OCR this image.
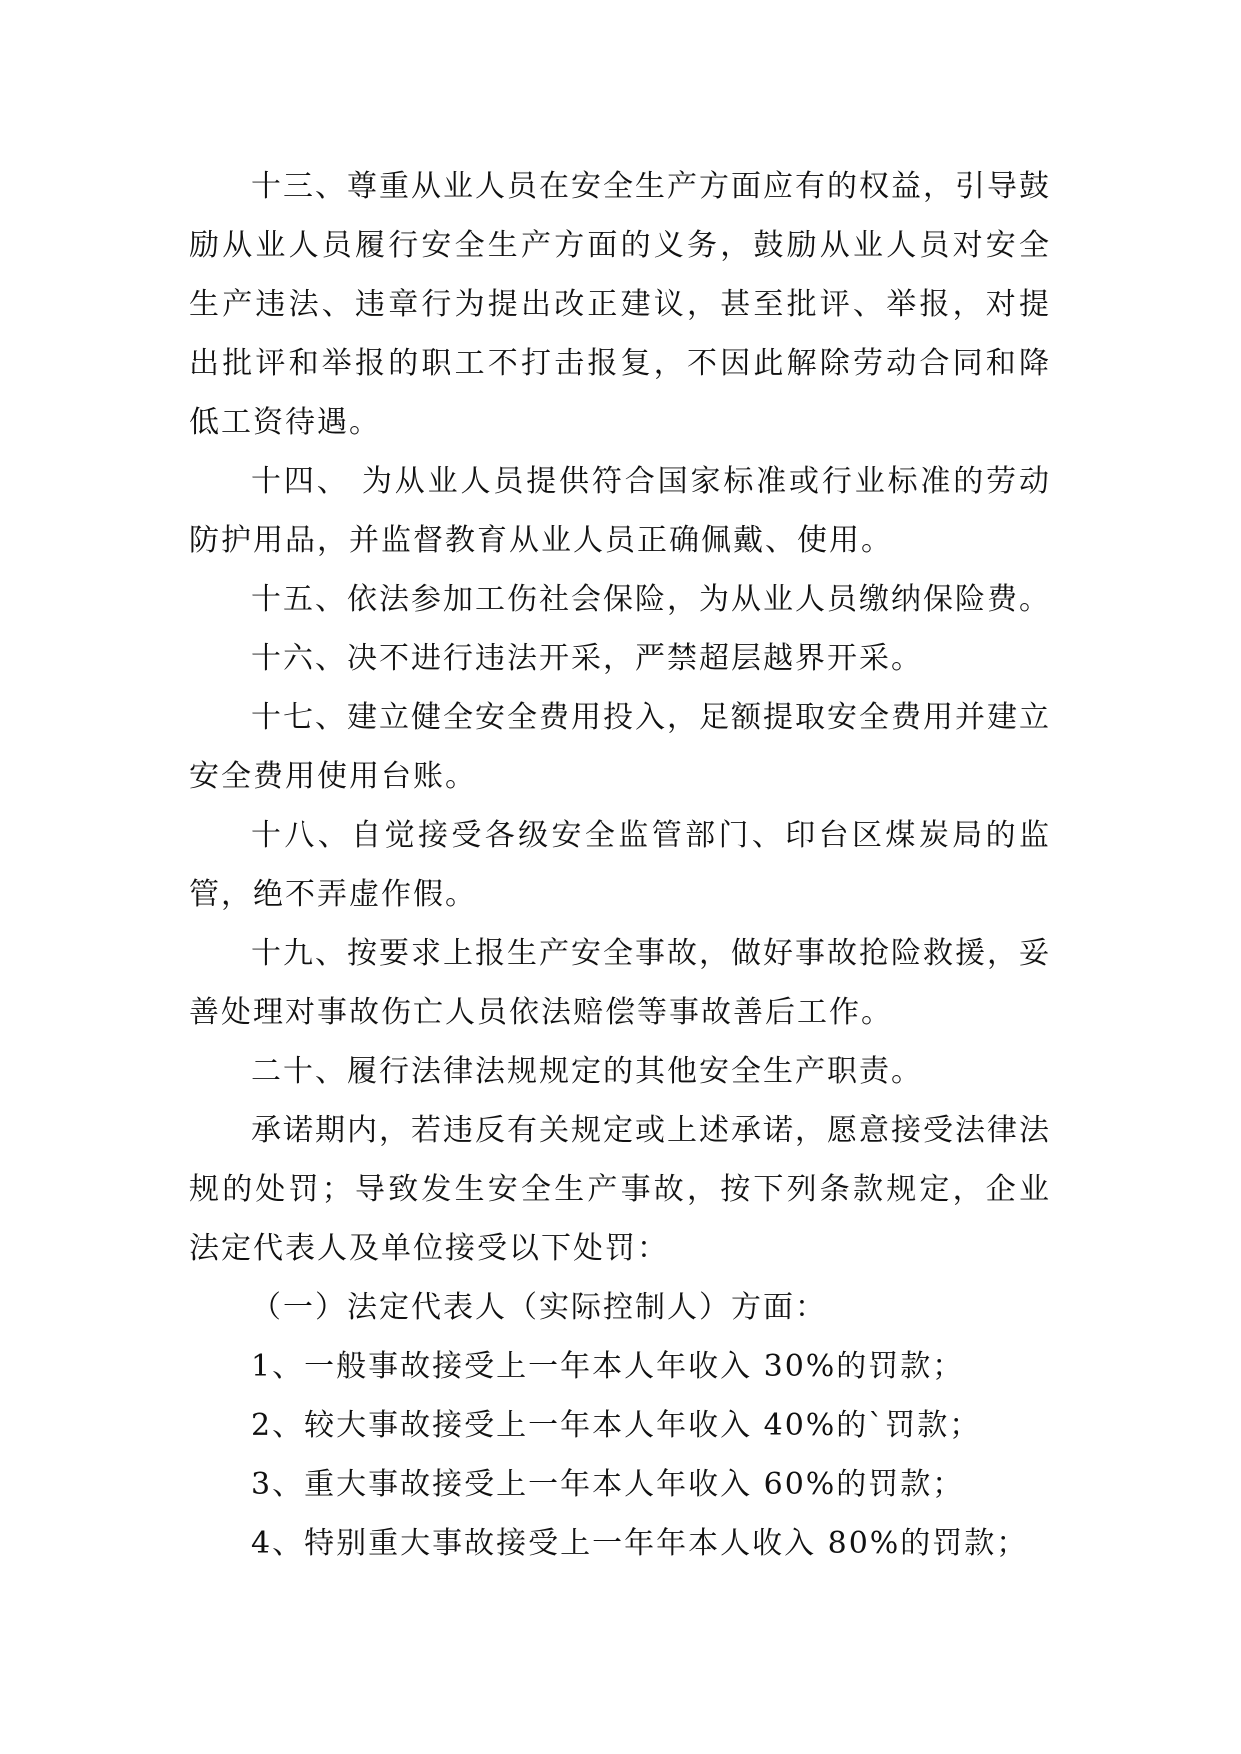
十三、尊重从业人员在安全生产方面应有的权益，引导鼓励从业人员履行安全生产方面的义务，鼓励从业人员对安全生产违法、违章行为提出改正建议，甚至批评、举报，对提出批评和举报的职工不打击报复，不因此解除劳动合同和降低工资待遇。

十四、 为从业人员提供符合国家标准或行业标准的劳动防护用品，并监督教育从业人员正确佩戴、使用。

十五、依法参加工伤社会保险，为从业人员缴纳保险费。

十六、决不进行违法开采，严禁超层越界开采。

十七、建立健全安全费用投入，足额提取安全费用并建立安全费用使用台账。

十八、自觉接受各级安全监管部门、印台区煤炭局的监管，绝不弄虚作假。

十九、按要求上报生产安全事故，做好事故抢险救援，妥善处理对事故伤亡人员依法赔偿等事故善后工作。

二十、履行法律法规规定的其他安全生产职责。

承诺期内，若违反有关规定或上述承诺，愿意接受法律法规的处罚；导致发生安全生产事故，按下列条款规定，企业法定代表人及单位接受以下处罚：

（一）法定代表人（实际控制人）方面：

1、一般事故接受上一年本人年收入 30%的罚款；

2、较大事故接受上一年本人年收入 40%的`罚款；

3、重大事故接受上一年本人年收入 60%的罚款；

4、特别重大事故接受上一年年本人收入 80%的罚款；
